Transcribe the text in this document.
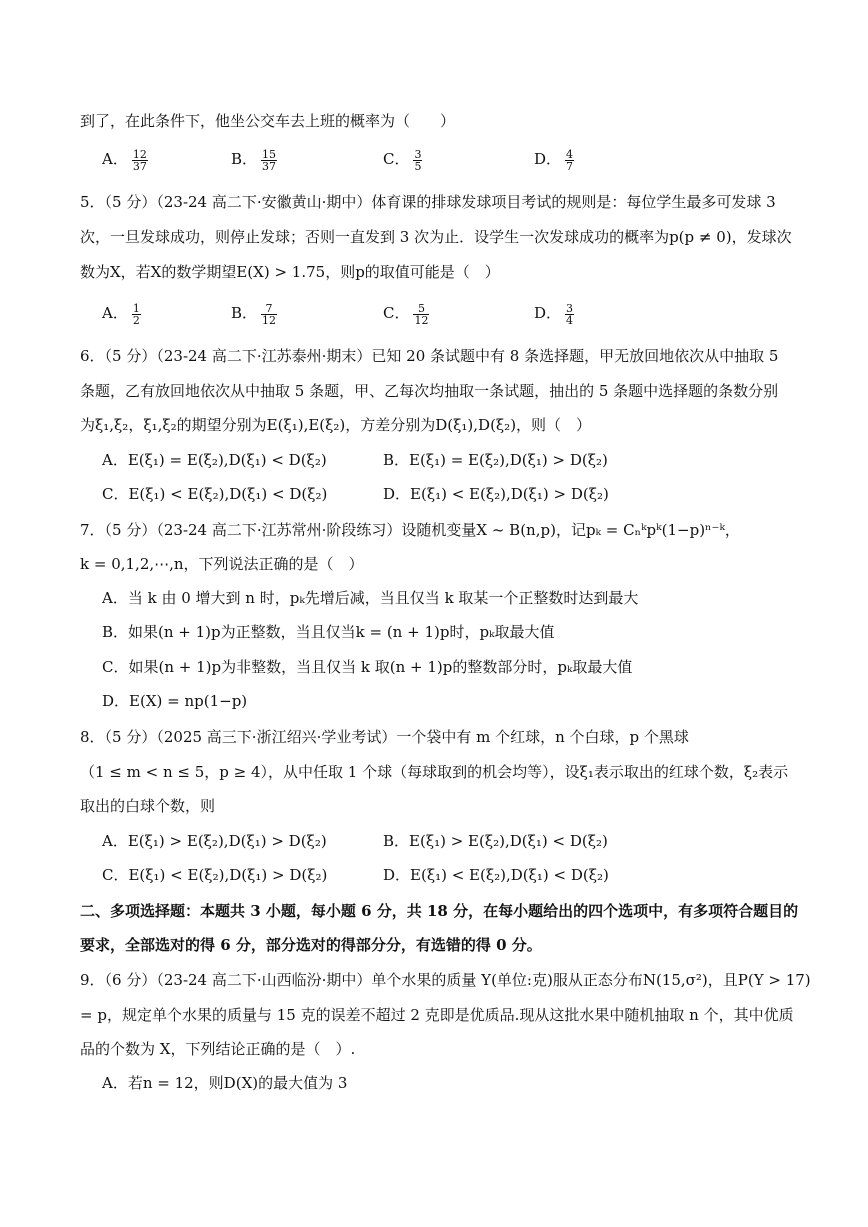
到了，在此条件下，他坐公交车去上班的概率为（　　）
A． $\frac{12}{37}$	B． $\frac{15}{37}$	C． $\frac{3}{5}$	D． $\frac{4}{7}$
5．（5 分）（23-24 高二下·安徽黄山·期中）体育课的排球发球项目考试的规则是：每位学生最多可发球 3
次，一旦发球成功，则停止发球；否则一直发到 3 次为止．设学生一次发球成功的概率为p(p ≠ 0)，发球次
数为X，若X的数学期望E(X) > 1.75，则p的取值可能是（　）
A． $\frac{1}{2}$	B． $\frac{7}{12}$	C． $\frac{5}{12}$	D． $\frac{3}{4}$
6．（5 分）（23-24 高二下·江苏泰州·期末）已知 20 条试题中有 8 条选择题，甲无放回地依次从中抽取 5
条题，乙有放回地依次从中抽取 5 条题，甲、乙每次均抽取一条试题，抽出的 5 条题中选择题的条数分别
为ξ₁,ξ₂，ξ₁,ξ₂的期望分别为E(ξ₁),E(ξ₂)，方差分别为D(ξ₁),D(ξ₂)，则（　）
A．E(ξ₁) = E(ξ₂),D(ξ₁) < D(ξ₂)	B．E(ξ₁) = E(ξ₂),D(ξ₁) > D(ξ₂)
C．E(ξ₁) < E(ξ₂),D(ξ₁) < D(ξ₂)	D．E(ξ₁) < E(ξ₂),D(ξ₁) > D(ξ₂)
7．（5 分）（23-24 高二下·江苏常州·阶段练习）设随机变量X ~ B(n,p)，记pₖ = Cₙᵏpᵏ(1−p)ⁿ⁻ᵏ，
k = 0,1,2,⋯,n，下列说法正确的是（　）
A．当 k 由 0 增大到 n 时，pₖ先增后减，当且仅当 k 取某一个正整数时达到最大
B．如果(n + 1)p为正整数，当且仅当k = (n + 1)p时，pₖ取最大值
C．如果(n + 1)p为非整数，当且仅当 k 取(n + 1)p的整数部分时，pₖ取最大值
D．E(X) = np(1−p)
8．（5 分）（2025 高三下·浙江绍兴·学业考试）一个袋中有 m 个红球，n 个白球，p 个黑球
（1 ≤ m < n ≤ 5，p ≥ 4），从中任取 1 个球（每球取到的机会均等），设ξ₁表示取出的红球个数，ξ₂表示
取出的白球个数，则
A．E(ξ₁) > E(ξ₂),D(ξ₁) > D(ξ₂)	B．E(ξ₁) > E(ξ₂),D(ξ₁) < D(ξ₂)
C．E(ξ₁) < E(ξ₂),D(ξ₁) > D(ξ₂)	D．E(ξ₁) < E(ξ₂),D(ξ₁) < D(ξ₂)
二、多项选择题：本题共 3 小题，每小题 6 分，共 18 分，在每小题给出的四个选项中，有多项符合题目的
要求，全部选对的得 6 分，部分选对的得部分分，有选错的得 0 分。
9．（6 分）（23-24 高二下·山西临汾·期中）单个水果的质量 Y(单位:克)服从正态分布N(15,σ²)，且P(Y > 17)
= p，规定单个水果的质量与 15 克的误差不超过 2 克即是优质品.现从这批水果中随机抽取 n 个，其中优质
品的个数为 X，下列结论正确的是（　）.
A．若n = 12，则D(X)的最大值为 3
